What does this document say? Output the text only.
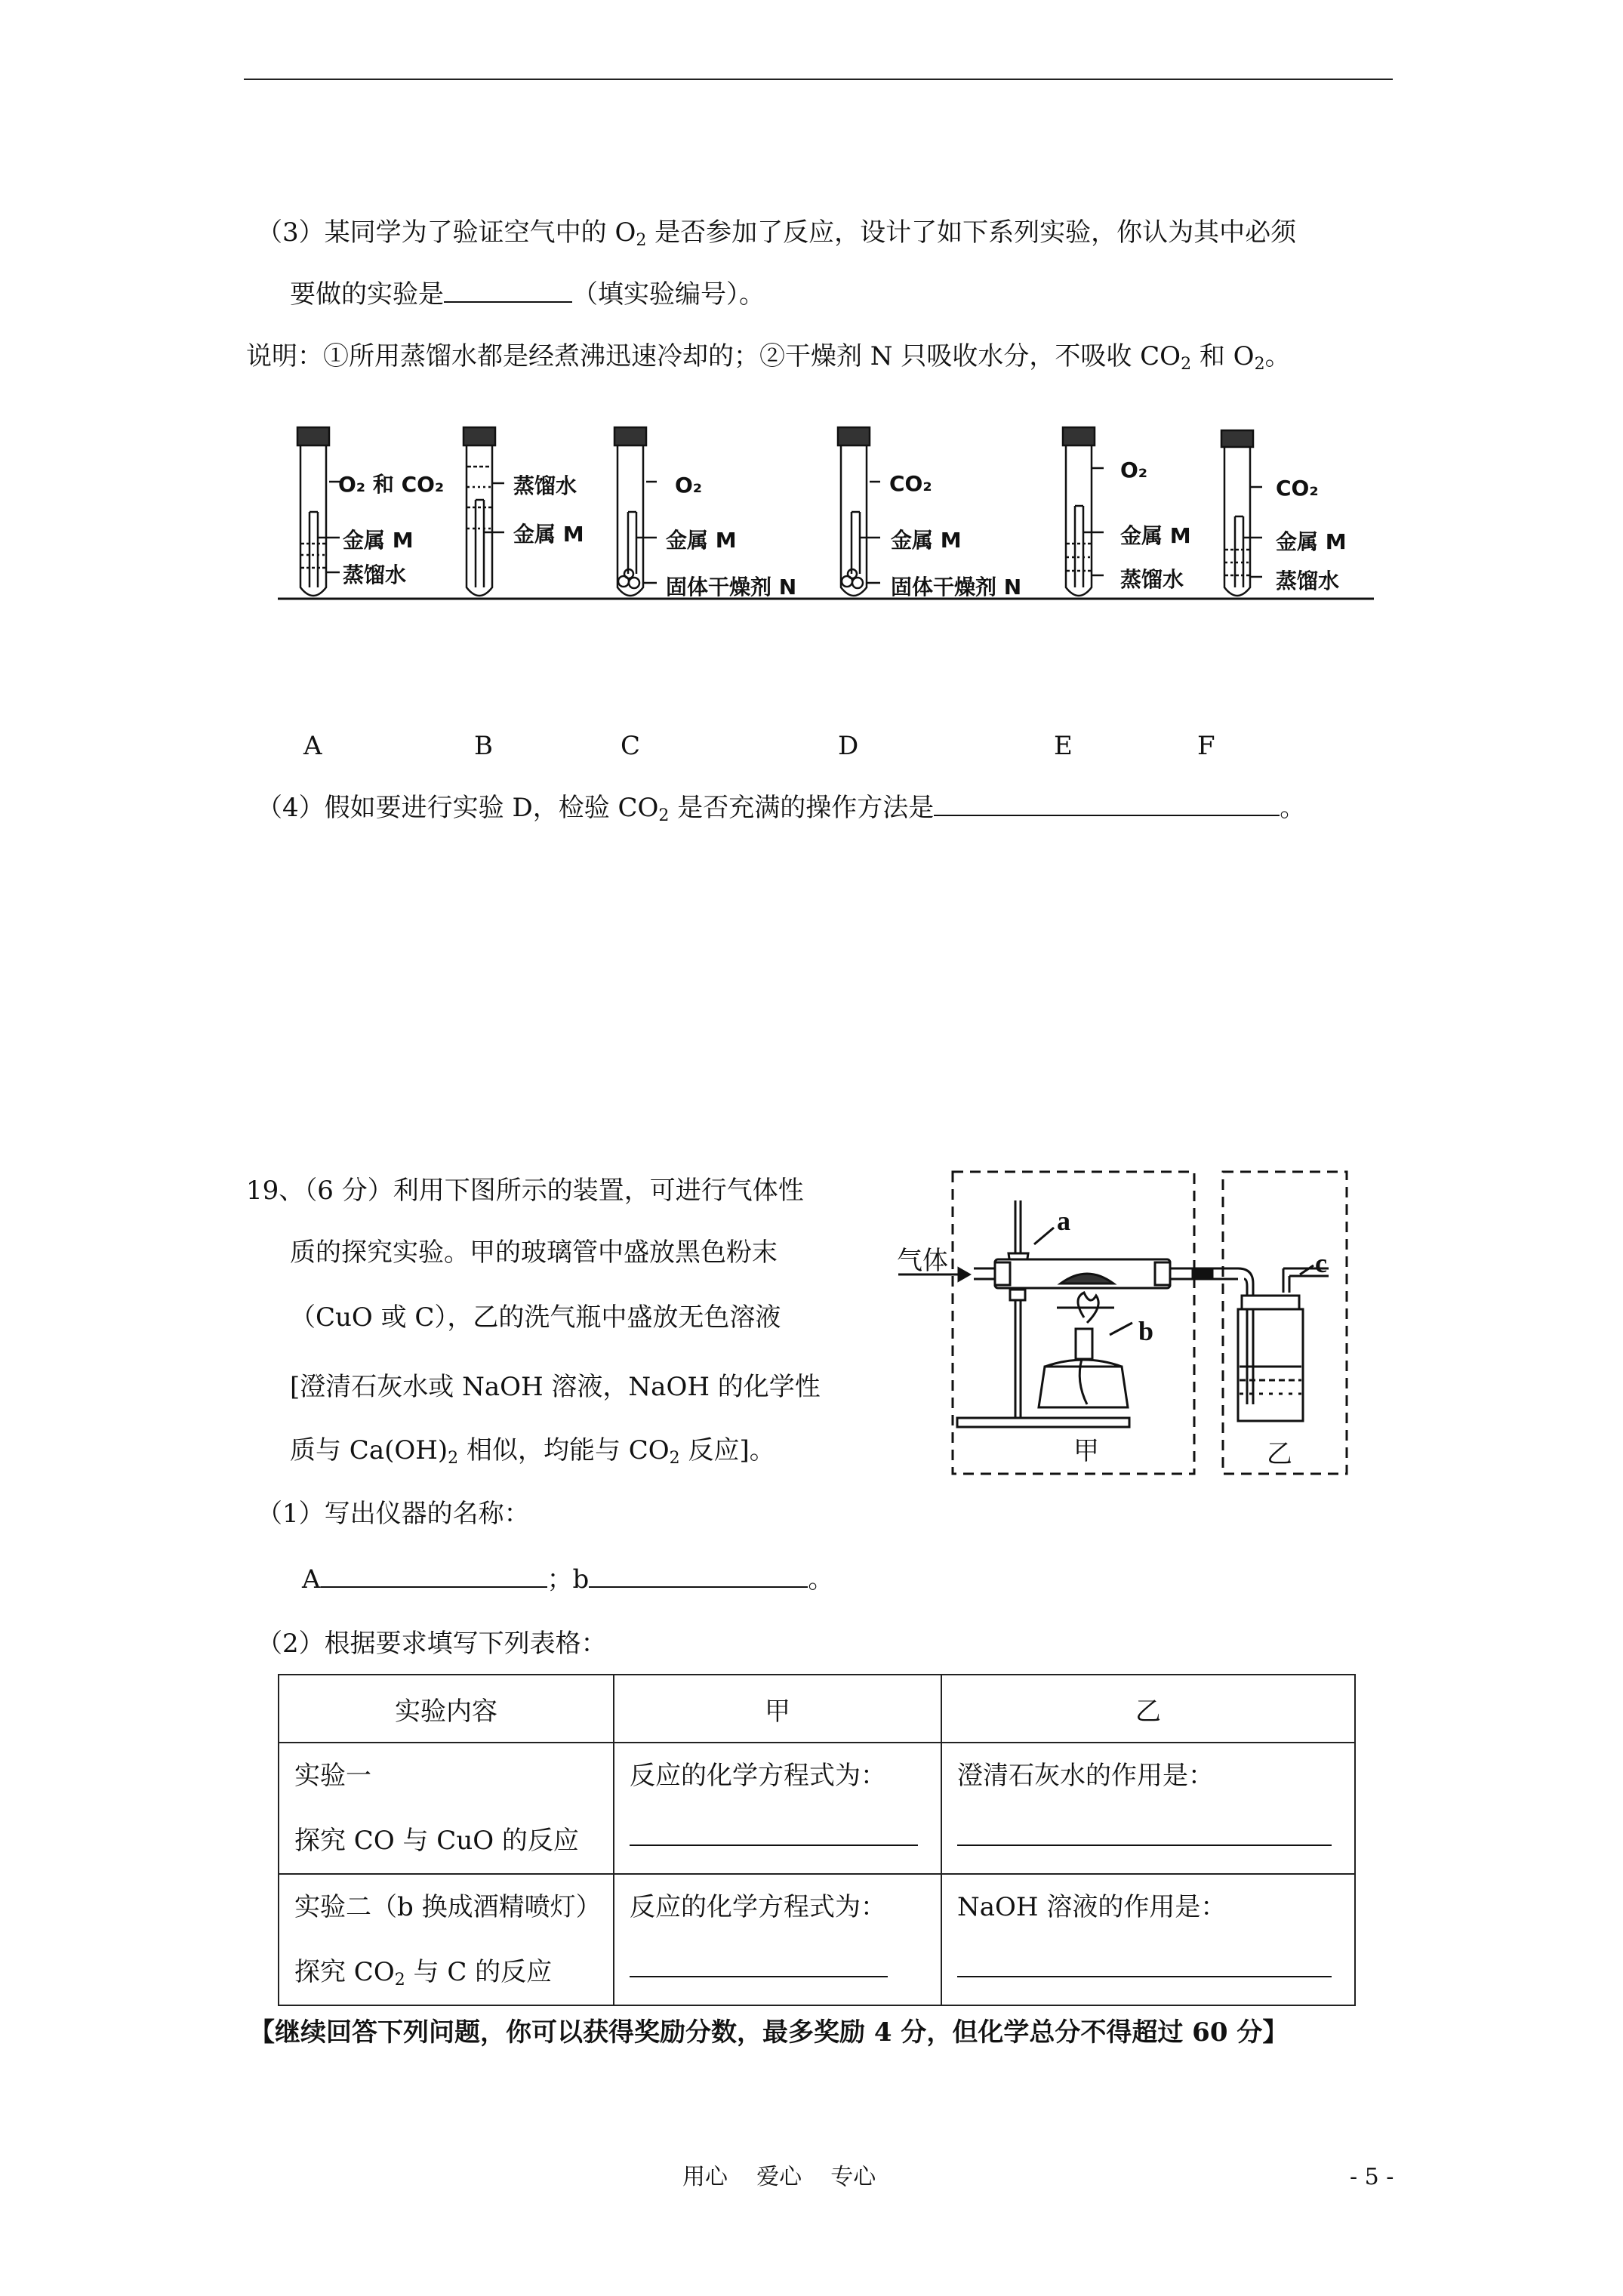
（3）某同学为了验证空气中的 $O_2$ 是否参加了反应，设计了如下系列实验，你认为其中必须
要做的实验是	（填实验编号）。
说明：①所用蒸馏水都是经煮沸迅速冷却的；②干燥剂 N 只吸收水分，不吸收 $CO_2$ 和 $O_2$。
O₂ 和 CO₂
金属 M
蒸馏水
蒸馏水
金属 M
O₂
金属 M
固体干燥剂 N
CO₂
金属 M
固体干燥剂 N
O₂
金属 M
蒸馏水
CO₂
金属 M
蒸馏水
A	B	C	D	E	F
（4）假如要进行实验 D，检验 $CO_2$ 是否充满的操作方法是	。
19、（6 分）利用下图所示的装置，可进行气体性
质的探究实验。甲的玻璃管中盛放黑色粉末
（CuO 或 C），乙的洗气瓶中盛放无色溶液
[澄清石灰水或 NaOH 溶液，NaOH 的化学性
质与 $Ca(OH)_2$ 相似，均能与 $CO_2$ 反应]。
（1）写出仪器的名称：
A	；b	。
（2）根据要求填写下列表格：
气体
a
b
c
甲	乙
实验内容	甲	乙

实验一
探究 CO 与 CuO 的反应	反应的化学方程式为：	澄清石灰水的作用是：

实验二（b 换成酒精喷灯）
探究 $CO_2$ 与 C 的反应	反应的化学方程式为：	NaOH 溶液的作用是：
【继续回答下列问题，你可以获得奖励分数，最多奖励 4 分，但化学总分不得超过 60 分】
用心    爱心    专心	- 5 -
